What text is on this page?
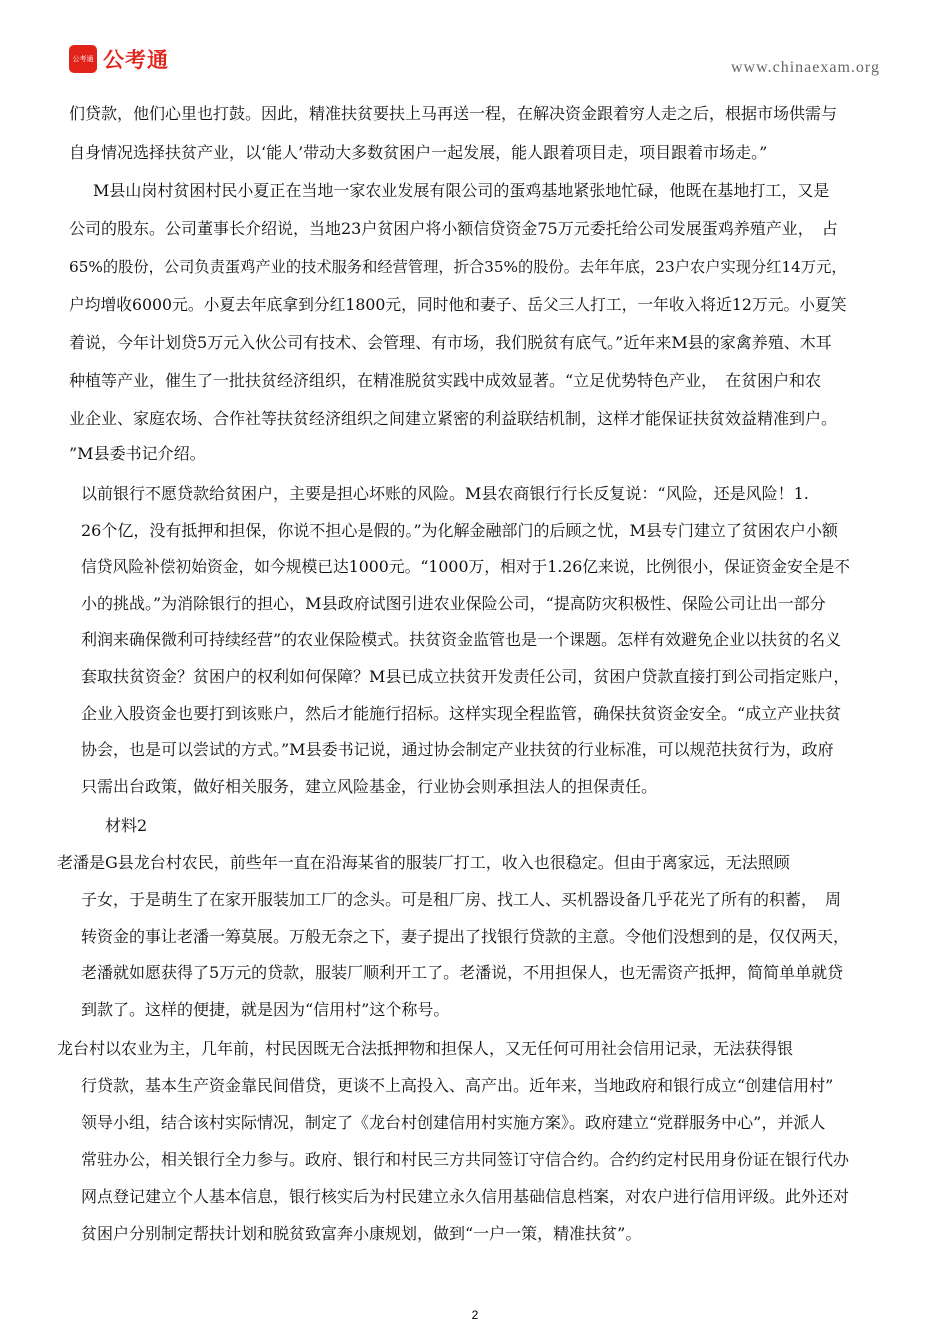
公考通 公考通	www.chinaexam.org
们贷款，他们心里也打鼓。因此，精准扶贫要扶上马再送一程，在解决资金跟着穷人走之后，根据市场供需与
自身情况选择扶贫产业，以‘能人’带动大多数贫困户一起发展，能人跟着项目走，项目跟着市场走。”
M县山岗村贫困村民小夏正在当地一家农业发展有限公司的蛋鸡基地紧张地忙碌，他既在基地打工，又是
公司的股东。公司董事长介绍说，当地23户贫困户将小额信贷资金75万元委托给公司发展蛋鸡养殖产业，　占
65%的股份，公司负责蛋鸡产业的技术服务和经营管理，折合35%的股份。去年年底，23户农户实现分红14万元，
户均增收6000元。小夏去年底拿到分红1800元，同时他和妻子、岳父三人打工，一年收入将近12万元。小夏笑
着说，今年计划贷5万元入伙公司有技术、会管理、有市场，我们脱贫有底气。”近年来M县的家禽养殖、木耳
种植等产业，催生了一批扶贫经济组织，在精准脱贫实践中成效显著。“立足优势特色产业，　在贫困户和农
业企业、家庭农场、合作社等扶贫经济组织之间建立紧密的利益联结机制，这样才能保证扶贫效益精准到户。
”M县委书记介绍。
以前银行不愿贷款给贫困户，主要是担心坏账的风险。M县农商银行行长反复说：“风险，还是风险！1.
26个亿，没有抵押和担保，你说不担心是假的。”为化解金融部门的后顾之忧，M县专门建立了贫困农户小额
信贷风险补偿初始资金，如今规模已达1000元。“1000万，相对于1.26亿来说，比例很小，保证资金安全是不
小的挑战。”为消除银行的担心，M县政府试图引进农业保险公司，“提高防灾积极性、保险公司让出一部分
利润来确保微利可持续经营”的农业保险模式。扶贫资金监管也是一个课题。怎样有效避免企业以扶贫的名义
套取扶贫资金？贫困户的权利如何保障？M县已成立扶贫开发责任公司，贫困户贷款直接打到公司指定账户，
企业入股资金也要打到该账户，然后才能施行招标。这样实现全程监管，确保扶贫资金安全。“成立产业扶贫
协会，也是可以尝试的方式。”M县委书记说，通过协会制定产业扶贫的行业标准，可以规范扶贫行为，政府
只需出台政策，做好相关服务，建立风险基金，行业协会则承担法人的担保责任。
材料2
老潘是G县龙台村农民，前些年一直在沿海某省的服装厂打工，收入也很稳定。但由于离家远，无法照顾
子女，于是萌生了在家开服装加工厂的念头。可是租厂房、找工人、买机器设备几乎花光了所有的积蓄，　周
转资金的事让老潘一筹莫展。万般无奈之下，妻子提出了找银行贷款的主意。令他们没想到的是，仅仅两天，
老潘就如愿获得了5万元的贷款，服装厂顺利开工了。老潘说，不用担保人，也无需资产抵押，简简单单就贷
到款了。这样的便捷，就是因为“信用村”这个称号。
龙台村以农业为主，几年前，村民因既无合法抵押物和担保人，又无任何可用社会信用记录，无法获得银
行贷款，基本生产资金靠民间借贷，更谈不上高投入、高产出。近年来，当地政府和银行成立“创建信用村”
领导小组，结合该村实际情况，制定了《龙台村创建信用村实施方案》。政府建立“党群服务中心”，并派人
常驻办公，相关银行全力参与。政府、银行和村民三方共同签订守信合约。合约约定村民用身份证在银行代办
网点登记建立个人基本信息，银行核实后为村民建立永久信用基础信息档案，对农户进行信用评级。此外还对
贫困户分别制定帮扶计划和脱贫致富奔小康规划，做到“一户一策，精准扶贫”。
2
